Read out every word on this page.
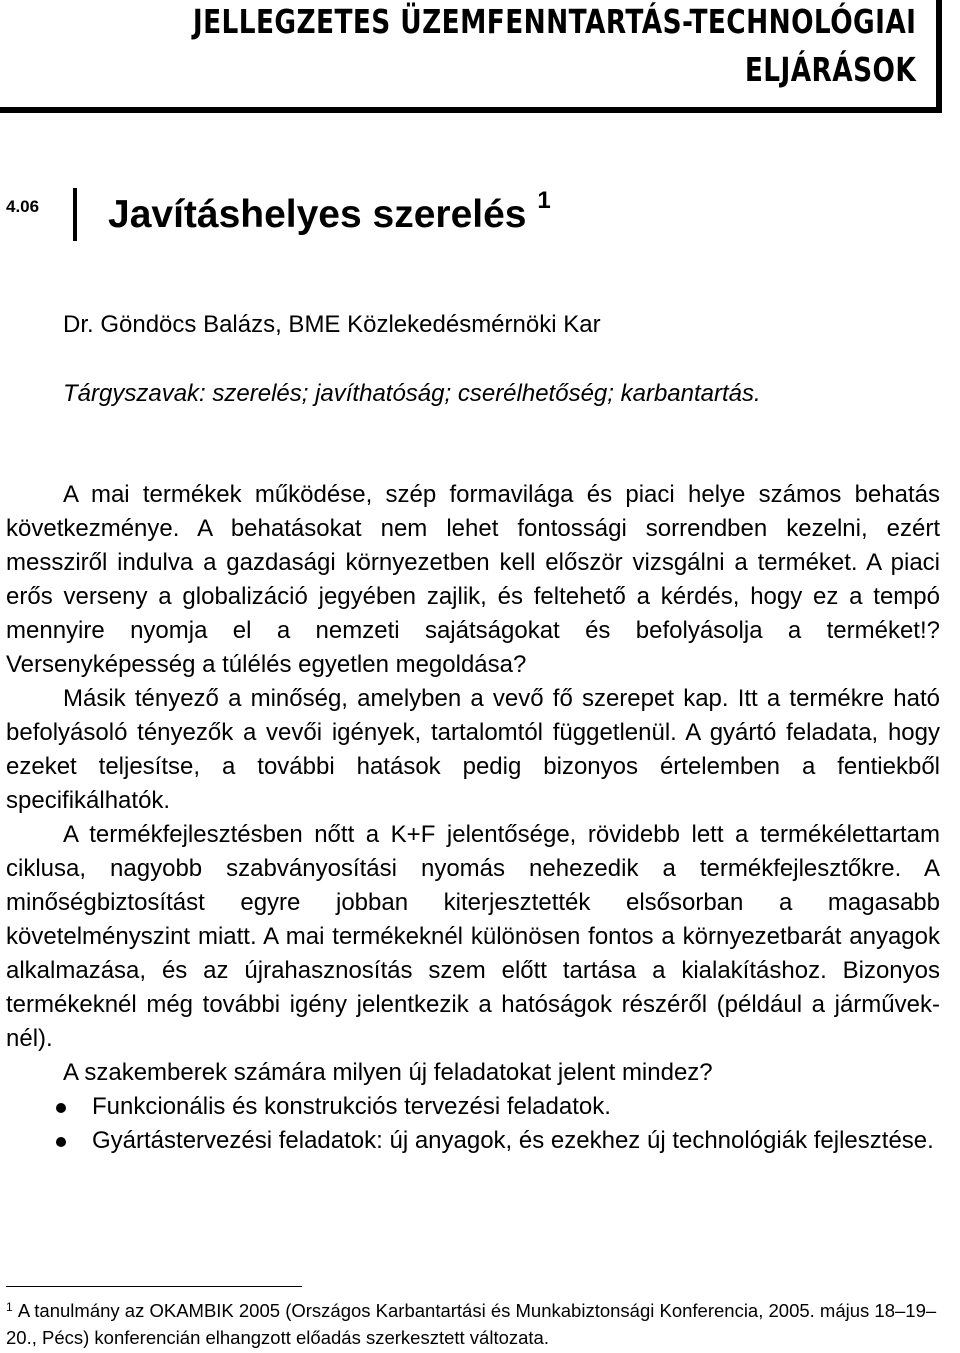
JELLEGZETES ÜZEMFENNTARTÁS-TECHNOLÓGIAI
ELJÁRÁSOK
4.06 Javításhelyes szerelés $^1$
Dr. Göndöcs Balázs, BME Közlekedésmérnöki Kar
Tárgyszavak: szerelés; javíthatóság; cserélhetőség; karbantartás.

A mai termékek működése, szép formavilága és piaci helye számos behatás következménye. A behatásokat nem lehet fontossági sorrendben kezelni, ezért messziről indulva a gazdasági környezetben kell először vizsgálni a terméket. A piaci erős verseny a globalizáció jegyében zajlik, és feltehető a kérdés, hogy ez a tempó mennyire nyomja el a nemzeti sajátságokat és befolyásolja a terméket!? Versenyképesség a túlélés egyetlen megoldása?

Másik tényező a minőség, amelyben a vevő fő szerepet kap. Itt a termékre ható befolyásoló tényezők a vevői igények, tartalomtól függetlenül. A gyártó feladata, hogy ezeket teljesítse, a további hatások pedig bizonyos értelemben a fentiekből specifikálhatók.

A termékfejlesztésben nőtt a K+F jelentősége, rövidebb lett a termékélettartam ciklusa, nagyobb szabványosítási nyomás nehezedik a termékfejlesztőkre. A minőségbiztosítást egyre jobban kiterjesztették elsősorban a magasabb követelményszint miatt. A mai termékeknél különösen fontos a környezetbarát anyagok alkalmazása, és az újrahasznosítás szem előtt tartása a kialakításhoz. Bizonyos termékeknél még további igény jelentkezik a hatóságok részéről (például a járműveknél).

A szakemberek számára milyen új feladatokat jelent mindez?

Funkcionális és konstrukciós tervezési feladatok.
Gyártástervezési feladatok: új anyagok, és ezekhez új technológiák fejlesztése.

$^1$ A tanulmány az OKAMBIK 2005 (Országos Karbantartási és Munkabiztonsági Konferencia, 2005. május 18–19–20., Pécs) konferencián elhangzott előadás szerkesztett változata.
